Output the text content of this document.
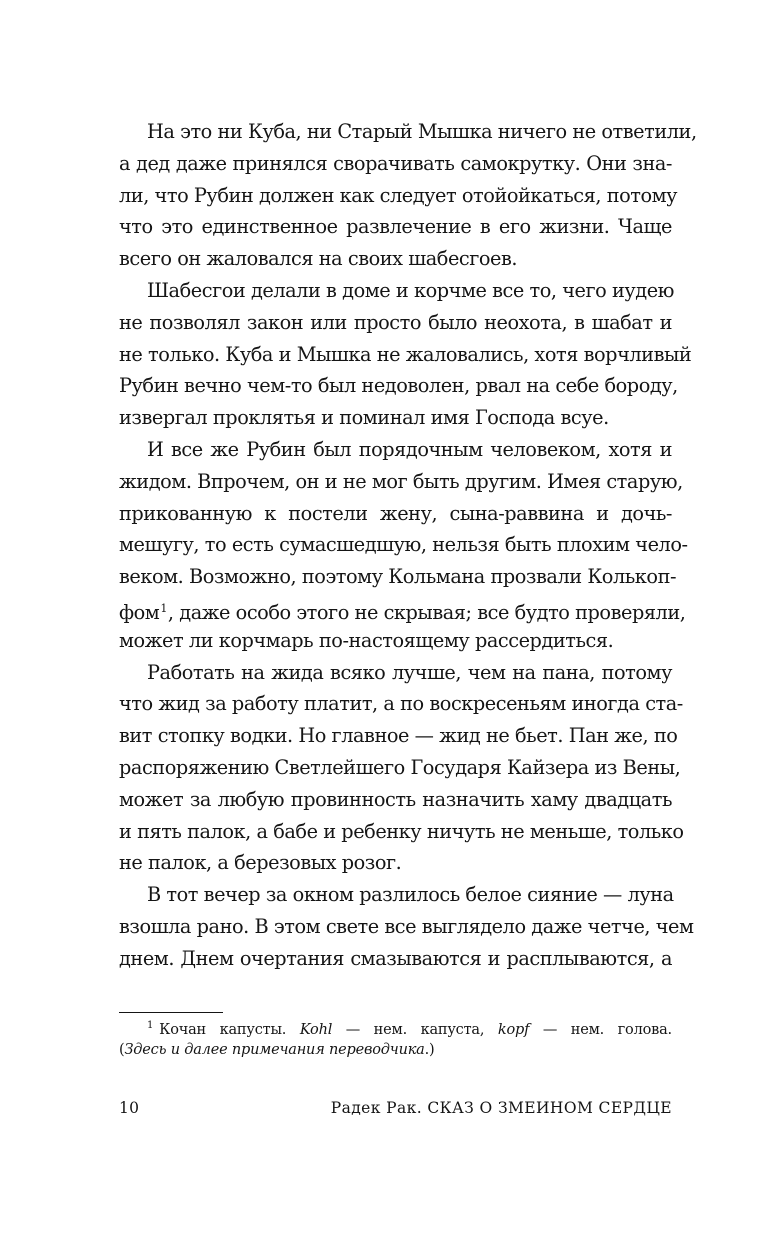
На это ни Куба, ни Старый Мышка ничего не ответили,
а дед даже принялся сворачивать самокрутку. Они зна-
ли, что Рубин должен как следует отойойкаться, потому
что это единственное развлечение в его жизни. Чаще
всего он жаловался на своих шабесгоев.
Шабесгои делали в доме и корчме все то, чего иудею
не позволял закон или просто было неохота, в шабат и
не только. Куба и Мышка не жаловались, хотя ворчливый
Рубин вечно чем-то был недоволен, рвал на себе бороду,
извергал проклятья и поминал имя Господа всуе.
И все же Рубин был порядочным человеком, хотя и
жидом. Впрочем, он и не мог быть другим. Имея старую,
прикованную к постели жену, сына-раввина и дочь-
мешугу, то есть сумасшедшую, нельзя быть плохим чело-
веком. Возможно, поэтому Кольмана прозвали Колькоп-
фом$^1$, даже особо этого не скрывая; все будто проверяли,
может ли корчмарь по-настоящему рассердиться.
Работать на жида всяко лучше, чем на пана, потому
что жид за работу платит, а по воскресеньям иногда ста-
вит стопку водки. Но главное — жид не бьет. Пан же, по
распоряжению Светлейшего Государя Кайзера из Вены,
может за любую провинность назначить хаму двадцать
и пять палок, а бабе и ребенку ничуть не меньше, только
не палок, а березовых розог.
В тот вечер за окном разлилось белое сияние — луна
взошла рано. В этом свете все выглядело даже четче, чем
днем. Днем очертания смазываются и расплываются, а
$^1$ Кочан капусты. Kohl — нем. капуста, kopf — нем. голова.
(Здесь и далее примечания переводчика.)
10	Радек Рак. СКАЗ О ЗМЕИНОМ СЕРДЦЕ
